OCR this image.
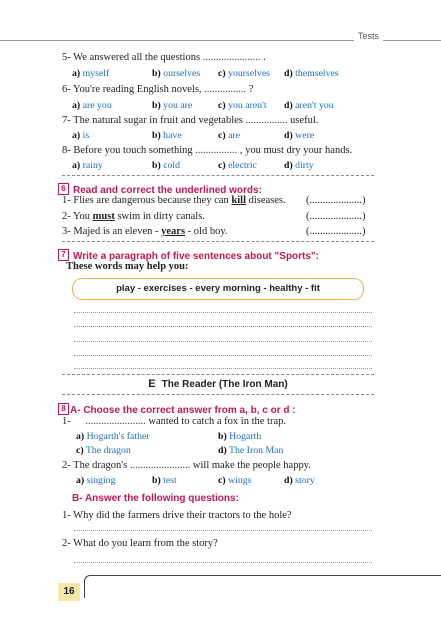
Tests
5- We answered all the questions ...................... .
a) myself	b) ourselves c) yourselves d) themselves
6- You're reading English novels, ................ ?
a) are you	b) you are	c) you aren't d) aren't you
7- The natural sugar in fruit and vegetables ................ useful.
a) is	b) have	c) are	d) were
8- Before you touch something ................ , you must dry your hands.
a) rainy	b) cold	c) electric	d) dirty
6 Read and correct the underlined words:
1- Flies are dangerous because they can kill diseases. (....................)
2- You must swim in dirty canals.	(....................)
3- Majed is an eleven - years - old boy.	(....................)
7 Write a paragraph of five sentences about "Sports":
These words may help you:
play - exercises - every morning - healthy - fit
E The Reader (The Iron Man)
8 A- Choose the correct answer from a, b, c or d :
1- ....................... wanted to catch a fox in the trap.
a) Hogarth's father	b) Hogarth
c) The dragon	d) The Iron Man
2- The dragon's ....................... will make the people happy.
a) singing	b) test	c) wings	d) story
B- Answer the following questions:
1- Why did the farmers drive their tractors to the hole?
2- What do you learn from the story?
16
